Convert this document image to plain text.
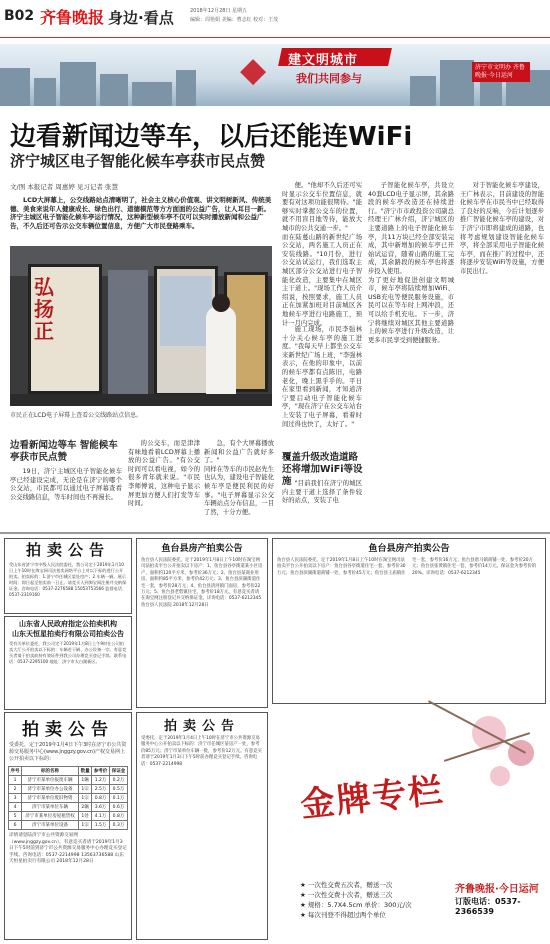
B02 齐鲁晚报 身边·看点	2018年12月28日 星期五
编辑：周艳娟 美编：曹志红 校对：王茂
◆ 建文明城市
我们共同参与
济宁市文明办 齐鲁晚报·今日运河
边看新闻边等车，以后还能连WiFi
济宁城区电子智能化候车亭获市民点赞
文/图 本报记者 周惠婷 见习记者 张慧
LCD大屏幕上，公交线路站点清晰明了，社会主义核心价值观、讲文明树新风、传统美德、美食来说年人健康成长、绿色出行、道德模范等方方面面的公益广告，让人耳目一新。济宁主城区电子智能化候车亭运行情况，这种新型候车亭不仅可以实时播放新闻和公益广告，不久后还可告示公交车辆位置信息，方便广大市民登路乘车。
弘
扬
正
市民正在LCD电子屏幕上查看公交线路站点信息。
边看新闻边等车 智能候车亭获市民点赞
19日，济宁主城区电子智能化候车亭已经建设完成，无论是在济宁的哪个公交站，市民都可以通过电子屏幕查看公交线路信息，等车时间也不再漫长。
的公交车，而是津津有味地看着LCD屏幕上播放的公益广告。"有公交时间可以看电视，如今的很多青年就来说。"市民李师傅说，这种电子显示屏更加方便人们打发等车时间。
急，有个大屏幕播放新闻和公益广告就好多了。"
同样在等车的市民赵先生也认为，建设电子智能化候车亭是便民利民的好事。"电子屏幕显示公交车辆站点分布信息，一目了然，十分方便。
便。"他却不久后还可实时显示公交车位置信息，就要有对这项功能很期待。"能够实时掌握公交车的位置，就不用盲目地等待，能放大城市的公共交通一步。"
而在陆蔓山路的新世纪广场公交站，两名施工人员正在安装线路。"10月份，进行公交站试运行，我们选取主城区部分公交站进行电子智能化改造，主要集中在城区主干道上。"现场工作人员介绍说，按照要求，施工人员正在加紧加班对目前城区各地候车亭进行电路施工，预计一月内完成。
施工现场，市民李强林十分关心候车亭的施工进度。"我每天早上都坐公交车来新世纪广场上班，"李强林表示，在他的印象中，以前的候车亭都有点陈旧，电路老化，晚上黑乎乎的。平日在家里看到新闻，才知道济宁要启动电子智能化候车亭，"现在济宁在公交车站台上安装了电子屏幕，看着时间过得也快了，太好了。"
覆盖升级改造道路 还将增加WiFi等设施 "目前我们在济宁的城区内主要干道上选择了条件较好的站点，安装了电
子智能化候车亭，共设立40套LCD电子显示屏，其余路段的候车亭改造还在持续进行。"济宁市市政投资公司副总经理王广林介绍，济宁城区的主要道路上的电子智能化候车亭，共11万块已经全部安装完成，其中新增加的候车亭已开始试运营，随着山路的施工完成，其余路段的候车亭也将逐步投入使用。
为了更好地促进创建文明城市，候车亭将陆续增加WiFi、USB充电等便民服务设施，市民可以在等车时上网冲浪，还可以给手机充电。下一步，济宁将继续对城区其他主要道路上的候车亭进行升级改造，让更多市民享受到便捷服务。
对于智能化候车亭建设，王广林表示，目前建设的智能化候车亭在市民当中已经取得了良好的反响，今后计划逐步推广智能化候车亭的建设，对于济宁市即将建成的道路，也将考虑规划建设智能化候车亭，将全部采用电子智能化候车亭，而在推广的过程中，还将逐步安装WiFi等设施，方便市民出行。
拍卖公告
受山东省济宁市中级人民法院委托，我公司定于2019年1月10日上午10时在淘宝网司法拍卖网络平台上对以下标的进行公开拍卖。拍卖标的：1.济宁市任城区某处房产；2.车辆一辆。展示时间：即日起至拍卖前一日止。请竞买人到淘宝网注册并交纳保证金。咨询电话：0537-2276588 15053753566 监督电话：0537-2319160
山东省人民政府指定公拍卖机构
山东天恒星拍卖行有限公司拍卖公告
受有关单位委托，我公司定于2019年1月8日上午9时在公司拍卖大厅公开拍卖以下标的：车辆若干辆、办公设备一宗。有意竞买者请于拍卖前持有效证件到我公司办理竞买登记手续。联系电话：0537-2295100 地址：济宁市太白湖新区。
拍卖公告
受委托，定于2019年1月4日下午3时在济宁市公共资源交易服务中心(www.jnggzy.gov.cn)产权交易网上公开拍卖以下标的：
序号	标的名称	数量	参考价	保证金
1	济宁市某单位报废车辆	1辆	1.2万	0.2万
2	济宁市某单位办公设备	1宗	2.5万	0.5万
3	济宁市某单位废旧物资	1宗	0.8万	0.1万
4	济宁市某单位车辆	2辆	3.6万	0.6万
5	济宁市某单位房屋租赁权	1处	4.1万	0.8万
6	济宁市某单位设备	1宗	1.5万	0.3万
详情请登陆济宁市公共资源交易网（www.jnggzy.gov.cn），有意竞买者请于2019年1月3日下午5时前到济宁市公共资源交易服务中心办理竞买登记手续。咨询电话：0537-2214998 13563736588 山东天恒星拍卖行有限公司 2018年12月28日
鱼台县房产拍卖公告
鱼台县人民法院委托，定于2019年1月8日上午10时在淘宝网司法拍卖平台公开拍卖以下房产：1、鱼台县谷亭街道某小区房产，面积约120平方米，参考价36万元；2、鱼台县某商业用房，面积约85平方米，参考价42万元；3、鱼台县滨湖街道住宅一套，参考价28万元；4、鱼台县清河镇门面房，参考价22万元；5、鱼台县老砦镇住宅，参考价18万元。有意竞买者请在淘宝网注册登记并交纳保证金。详询电话：0537-6212345 鱼台县人民法院 2018年12月28日
拍卖公告
受委托，定于2019年1月4日上午10时在济宁市公共资源交易服务中心公开拍卖以下标的：济宁市任城区某房产一处，参考价85万元；济宁市某单位车辆一批，参考价12万元。有意竞买者请于2019年1月3日下午5时前办理竞买登记手续。咨询电话：0537-2214998
鱼台县房产拍卖公告
鱼台县人民法院委托，定于2019年1月8日上午10时在淘宝网司法拍卖平台公开拍卖以下房产：鱼台县谷亭街道住宅一套，参考价30万元；鱼台县滨湖街道商铺一处，参考价45万元；鱼台县王庙镇住宅一套，参考价16万元；鱼台县唐马镇商铺一处，参考价20万元；鱼台县张黄镇住宅一套，参考价14万元。保证金为参考价的20%。详询电话：0537-6212345
金牌专栏
★ 一次性交费五次者，赠送一次
★ 一次性交费十次者，赠送三次
★ 规格：5.7X4.5cm 单价：300元/次
★ 每次刊登不得超过两个单位
齐鲁晚报·今日运河
订版电话：0537-2366539
